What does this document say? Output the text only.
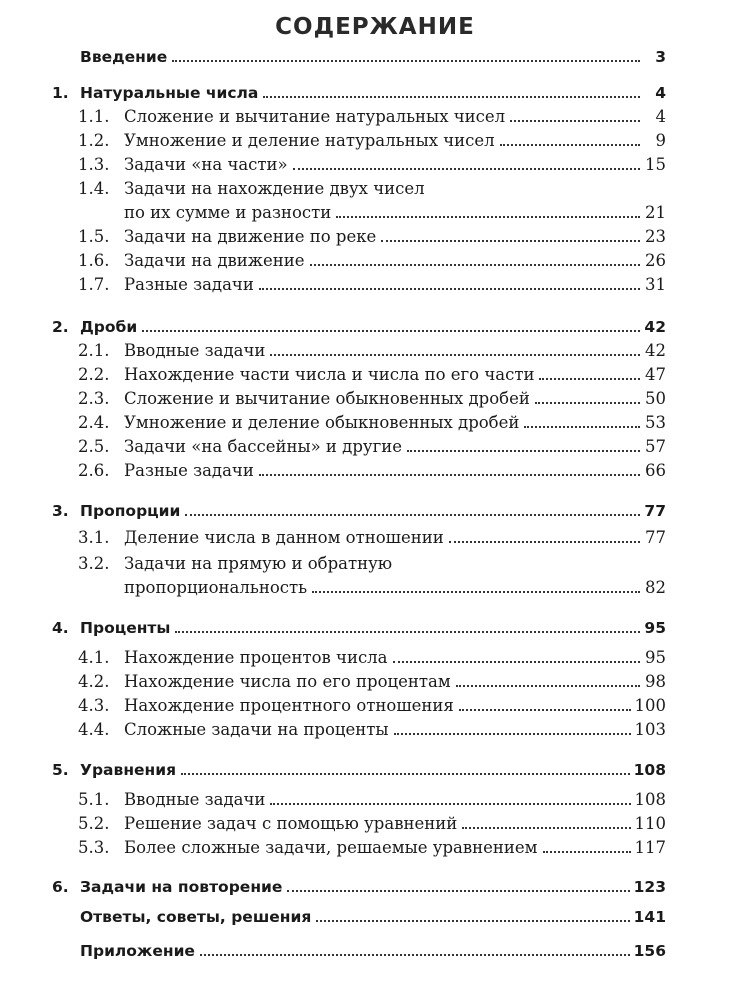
СОДЕРЖАНИЕ
Введение	3
1. Натуральные числа	4
1.1. Сложение и вычитание натуральных чисел	4
1.2. Умножение и деление натуральных чисел	9
1.3. Задачи «на части»	15
1.4. Задачи на нахождение двух чисел
по их сумме и разности	21
1.5. Задачи на движение по реке	23
1.6. Задачи на движение	26
1.7. Разные задачи	31
2. Дроби	42
2.1. Вводные задачи	42
2.2. Нахождение части числа и числа по его части	47
2.3. Сложение и вычитание обыкновенных дробей	50
2.4. Умножение и деление обыкновенных дробей	53
2.5. Задачи «на бассейны» и другие	57
2.6. Разные задачи	66
3. Пропорции	77
3.1. Деление числа в данном отношении	77
3.2. Задачи на прямую и обратную
пропорциональность	82
4. Проценты	95
4.1. Нахождение процентов числа	95
4.2. Нахождение числа по его процентам	98
4.3. Нахождение процентного отношения	100
4.4. Сложные задачи на проценты	103
5. Уравнения	108
5.1. Вводные задачи	108
5.2. Решение задач с помощью уравнений	110
5.3. Более сложные задачи, решаемые уравнением	117
6. Задачи на повторение	123
Ответы, советы, решения	141
Приложение	156
